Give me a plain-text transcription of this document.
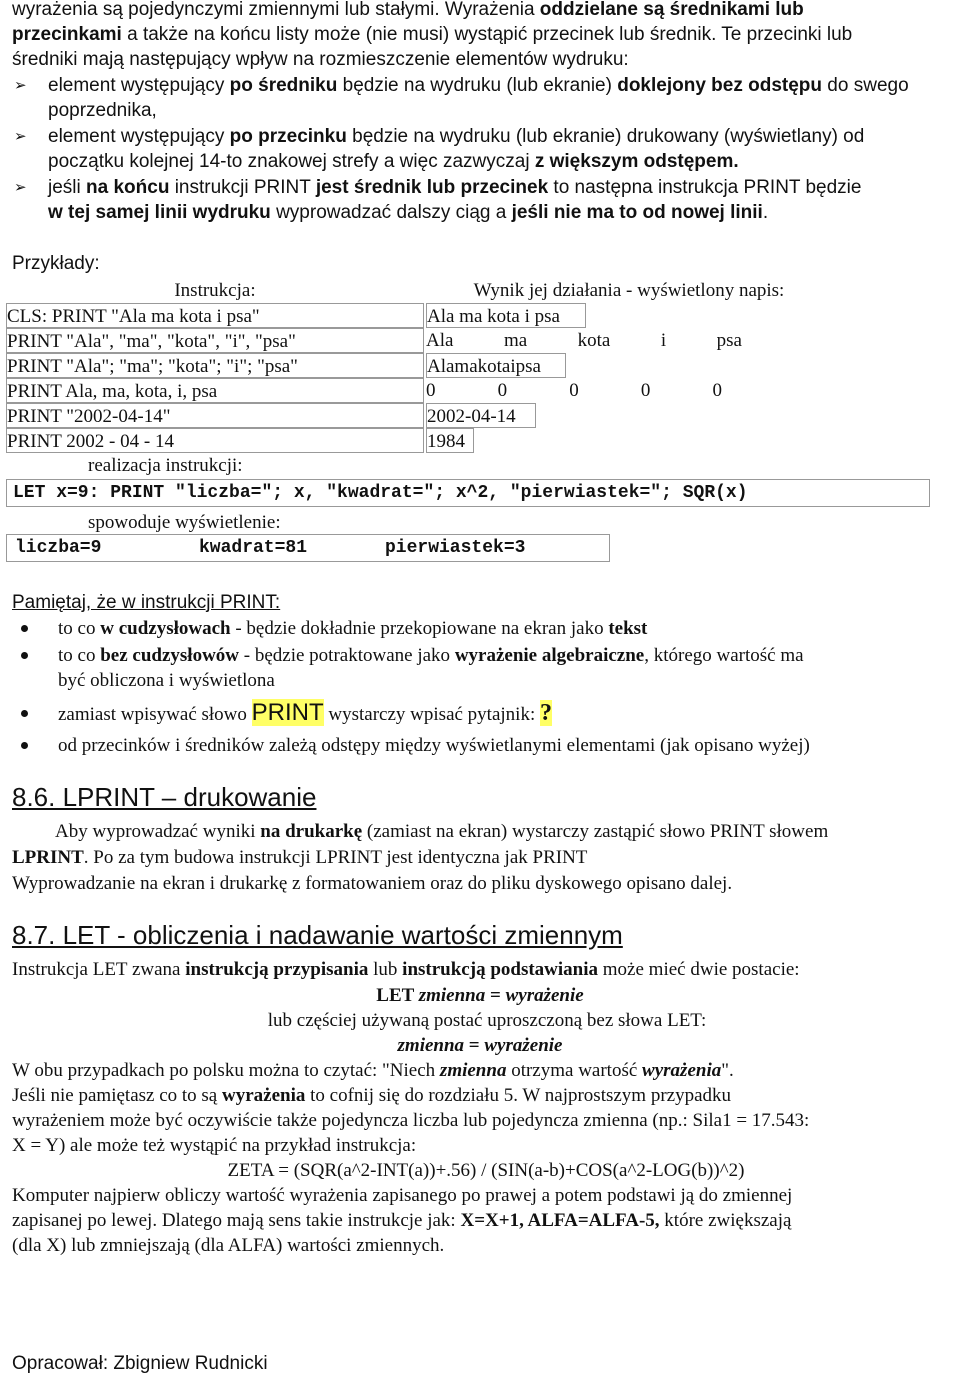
wyrażenia są pojedynczymi zmiennymi lub stałymi. Wyrażenia oddzielane są średnikami lub
przecinkami a także na końcu listy może (nie musi) wystąpić przecinek lub średnik. Te przecinki lub
średniki mają następujący wpływ na rozmieszczenie elementów wydruku:
➢ element występujący po średniku będzie na wydruku (lub ekranie) doklejony bez odstępu do swego
poprzednika,
➢ element występujący po przecinku będzie na wydruku (lub ekranie) drukowany (wyświetlany) od
początku kolejnej 14-to znakowej strefy a więc zazwyczaj z większym odstępem.
➢ jeśli na końcu instrukcji PRINT jest średnik lub przecinek to następna instrukcja PRINT będzie
w tej samej linii wydruku wyprowadzać dalszy ciąg a jeśli nie ma to od nowej linii.
Przykłady:
Instrukcja:	Wynik jej działania - wyświetlony napis:
CLS: PRINT "Ala ma kota i psa"	Ala ma kota i psa
PRINT "Ala", "ma", "kota", "i", "psa"	Ala	ma	kota	i	psa
PRINT "Ala"; "ma"; "kota"; "i"; "psa"	Alamakotaipsa
PRINT Ala, ma, kota, i, psa	0	0	0	0	0
PRINT "2002-04-14"	2002-04-14
PRINT 2002 - 04 - 14	1984
realizacja instrukcji:
LET x=9: PRINT "liczba="; x, "kwadrat="; x^2, "pierwiastek="; SQR(x)
spowoduje wyświetlenie:
liczba=9	kwadrat=81	pierwiastek=3
Pamiętaj, że w instrukcji PRINT:
to co w cudzysłowach - będzie dokładnie przekopiowane na ekran jako tekst
to co bez cudzysłowów - będzie potraktowane jako wyrażenie algebraiczne, którego wartość ma
być obliczona i wyświetlona
zamiast wpisywać słowo PRINT wystarczy wpisać pytajnik: ?
od przecinków i średników zależą odstępy między wyświetlanymi elementami (jak opisano wyżej)
8.6. LPRINT – drukowanie
Aby wyprowadzać wyniki na drukarkę (zamiast na ekran) wystarczy zastąpić słowo PRINT słowem
LPRINT. Po za tym budowa instrukcji LPRINT jest identyczna jak PRINT
Wyprowadzanie na ekran i drukarkę z formatowaniem oraz do pliku dyskowego opisano dalej.
8.7. LET - obliczenia i nadawanie wartości zmiennym
Instrukcja LET zwana instrukcją przypisania lub instrukcją podstawiania może mieć dwie postacie:
LET zmienna = wyrażenie
lub częściej używaną postać uproszczoną bez słowa LET:
zmienna = wyrażenie
W obu przypadkach po polsku można to czytać: "Niech zmienna otrzyma wartość wyrażenia".
Jeśli nie pamiętasz co to są wyrażenia to cofnij się do rozdziału 5. W najprostszym przypadku
wyrażeniem może być oczywiście także pojedyncza liczba lub pojedyncza zmienna (np.: Sila1 = 17.543:
X = Y) ale może też wystąpić na przykład instrukcja:
ZETA = (SQR(a^2-INT(a))+.56) / (SIN(a-b)+COS(a^2-LOG(b))^2)
Komputer najpierw obliczy wartość wyrażenia zapisanego po prawej a potem podstawi ją do zmiennej
zapisanej po lewej. Dlatego mają sens takie instrukcje jak: X=X+1, ALFA=ALFA-5, które zwiększają
(dla X) lub zmniejszają (dla ALFA) wartości zmiennych.
Opracował: Zbigniew Rudnicki
